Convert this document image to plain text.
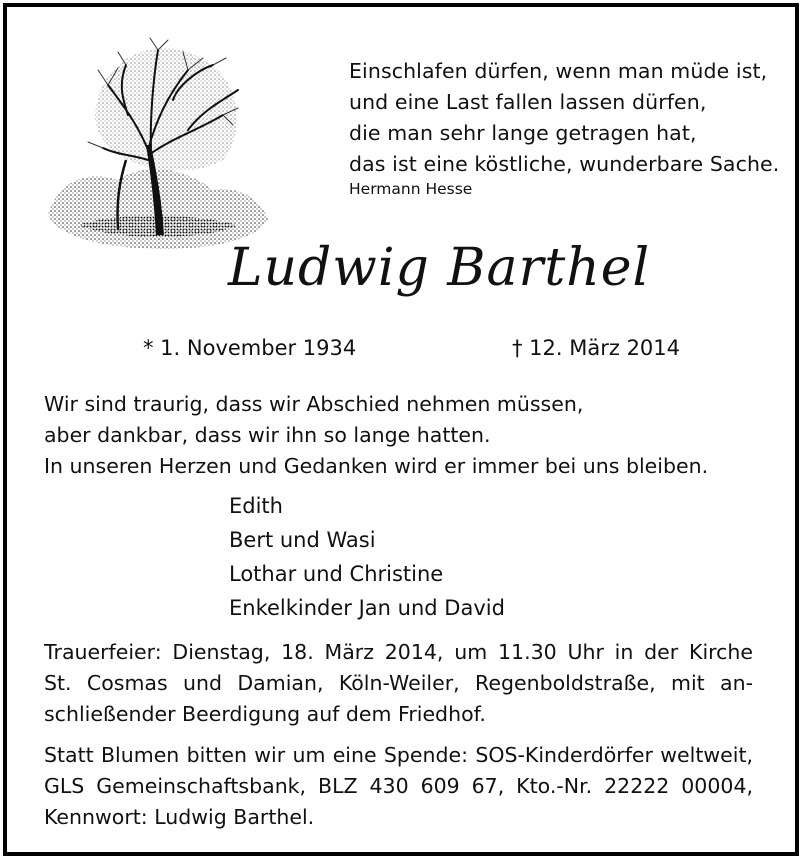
Einschlafen dürfen, wenn man müde ist,
und eine Last fallen lassen dürfen,
die man sehr lange getragen hat,
das ist eine köstliche, wunderbare Sache.
Hermann Hesse
Ludwig Barthel
* 1. November 1934	† 12. März 2014
Wir sind traurig, dass wir Abschied nehmen müssen,
aber dankbar, dass wir ihn so lange hatten.
In unseren Herzen und Gedanken wird er immer bei uns bleiben.
Edith
Bert und Wasi
Lothar und Christine
Enkelkinder Jan und David
Trauerfeier: Dienstag, 18. März 2014, um 11.30 Uhr in der Kirche
St. Cosmas und Damian, Köln-Weiler, Regenboldstraße, mit an-
schließender Beerdigung auf dem Friedhof.
Statt Blumen bitten wir um eine Spende: SOS-Kinderdörfer weltweit,
GLS Gemeinschaftsbank, BLZ 430 609 67, Kto.-Nr. 22222 00004,
Kennwort: Ludwig Barthel.
